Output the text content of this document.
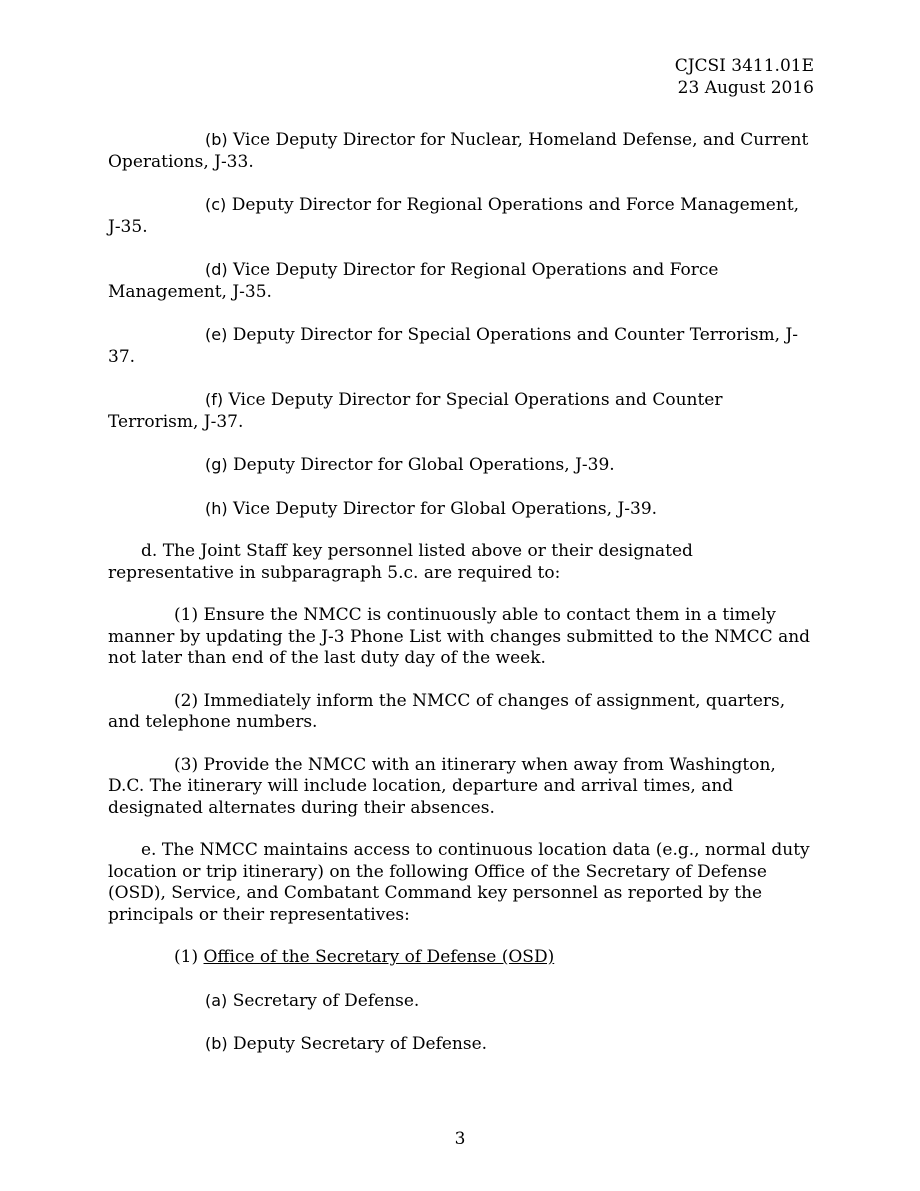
CJCSI 3411.01E
23 August 2016

(b) Vice Deputy Director for Nuclear, Homeland Defense, and Current Operations, J-33.

(c) Deputy Director for Regional Operations and Force Management, J-35.

(d) Vice Deputy Director for Regional Operations and Force Management, J-35.

(e) Deputy Director for Special Operations and Counter Terrorism, J-37.

(f) Vice Deputy Director for Special Operations and Counter Terrorism, J-37.

(g) Deputy Director for Global Operations, J-39.

(h) Vice Deputy Director for Global Operations, J-39.

d. The Joint Staff key personnel listed above or their designated representative in subparagraph 5.c. are required to:

(1) Ensure the NMCC is continuously able to contact them in a timely manner by updating the J-3 Phone List with changes submitted to the NMCC and not later than end of the last duty day of the week.

(2) Immediately inform the NMCC of changes of assignment, quarters, and telephone numbers.

(3) Provide the NMCC with an itinerary when away from Washington, D.C. The itinerary will include location, departure and arrival times, and designated alternates during their absences.

e. The NMCC maintains access to continuous location data (e.g., normal duty location or trip itinerary) on the following Office of the Secretary of Defense (OSD), Service, and Combatant Command key personnel as reported by the principals or their representatives:

(1) Office of the Secretary of Defense (OSD)

(a) Secretary of Defense.

(b) Deputy Secretary of Defense.

3
